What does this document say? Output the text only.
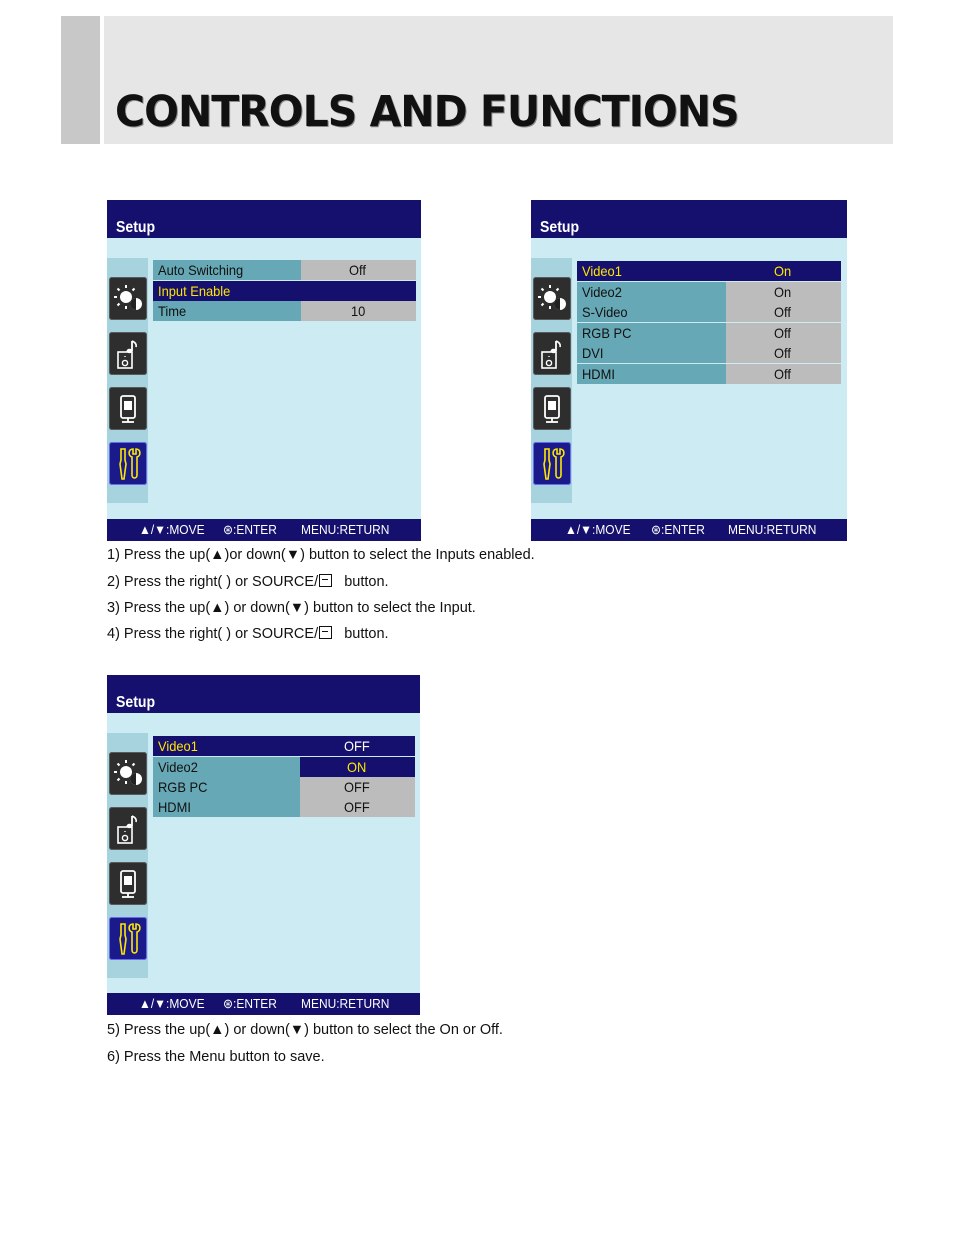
CONTROLS AND FUNCTIONS
Setup
Auto Switching	Off
Input Enable
Time	10
▲/▼:MOVE ⊛:ENTER MENU:RETURN
Setup
Video1	On
Video2	On
S-Video	Off
RGB PC	Off
DVI	Off
HDMI	Off
▲/▼:MOVE ⊛:ENTER MENU:RETURN
1) Press the up(▲)or down(▼) button to select the Inputs enabled.
2) Press the right( ) or SOURCE/ button.
3) Press the up(▲) or down(▼) button to select the Input.
4) Press the right( ) or SOURCE/ button.
Setup
Video1	OFF
Video2	ON
RGB PC	OFF
HDMI	OFF
▲/▼:MOVE ⊛:ENTER MENU:RETURN
5) Press the up(▲) or down(▼) button to select the On or Off.
6) Press the Menu button to save.
